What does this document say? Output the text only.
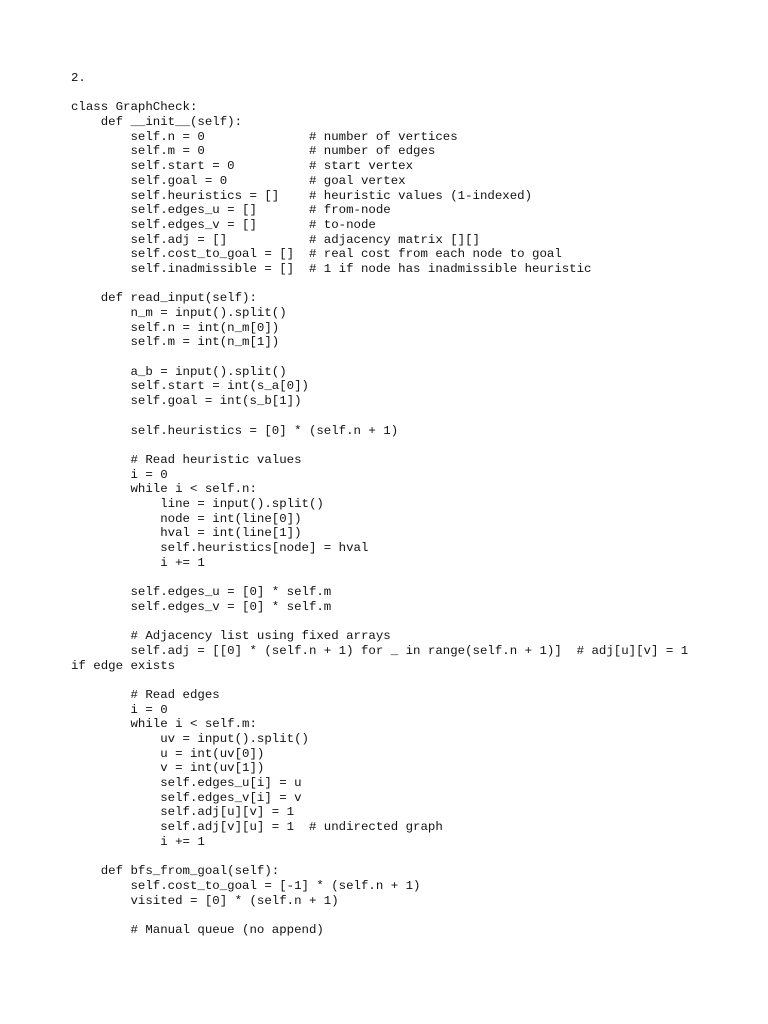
2.
class GraphCheck:
def __init__(self):
self.n = 0              # number of vertices
self.m = 0              # number of edges
self.start = 0          # start vertex
self.goal = 0           # goal vertex
self.heuristics = []    # heuristic values (1-indexed)
self.edges_u = []       # from-node
self.edges_v = []       # to-node
self.adj = []           # adjacency matrix [][]
self.cost_to_goal = []  # real cost from each node to goal
self.inadmissible = []  # 1 if node has inadmissible heuristic
def read_input(self):
n_m = input().split()
self.n = int(n_m[0])
self.m = int(n_m[1])
a_b = input().split()
self.start = int(s_a[0])
self.goal = int(s_b[1])
self.heuristics = [0] * (self.n + 1)
# Read heuristic values
i = 0
while i < self.n:
line = input().split()
node = int(line[0])
hval = int(line[1])
self.heuristics[node] = hval
i += 1
self.edges_u = [0] * self.m
self.edges_v = [0] * self.m
# Adjacency list using fixed arrays
self.adj = [[0] * (self.n + 1) for _ in range(self.n + 1)]  # adj[u][v] = 1
if edge exists
# Read edges
i = 0
while i < self.m:
uv = input().split()
u = int(uv[0])
v = int(uv[1])
self.edges_u[i] = u
self.edges_v[i] = v
self.adj[u][v] = 1
self.adj[v][u] = 1  # undirected graph
i += 1
def bfs_from_goal(self):
self.cost_to_goal = [-1] * (self.n + 1)
visited = [0] * (self.n + 1)
# Manual queue (no append)
